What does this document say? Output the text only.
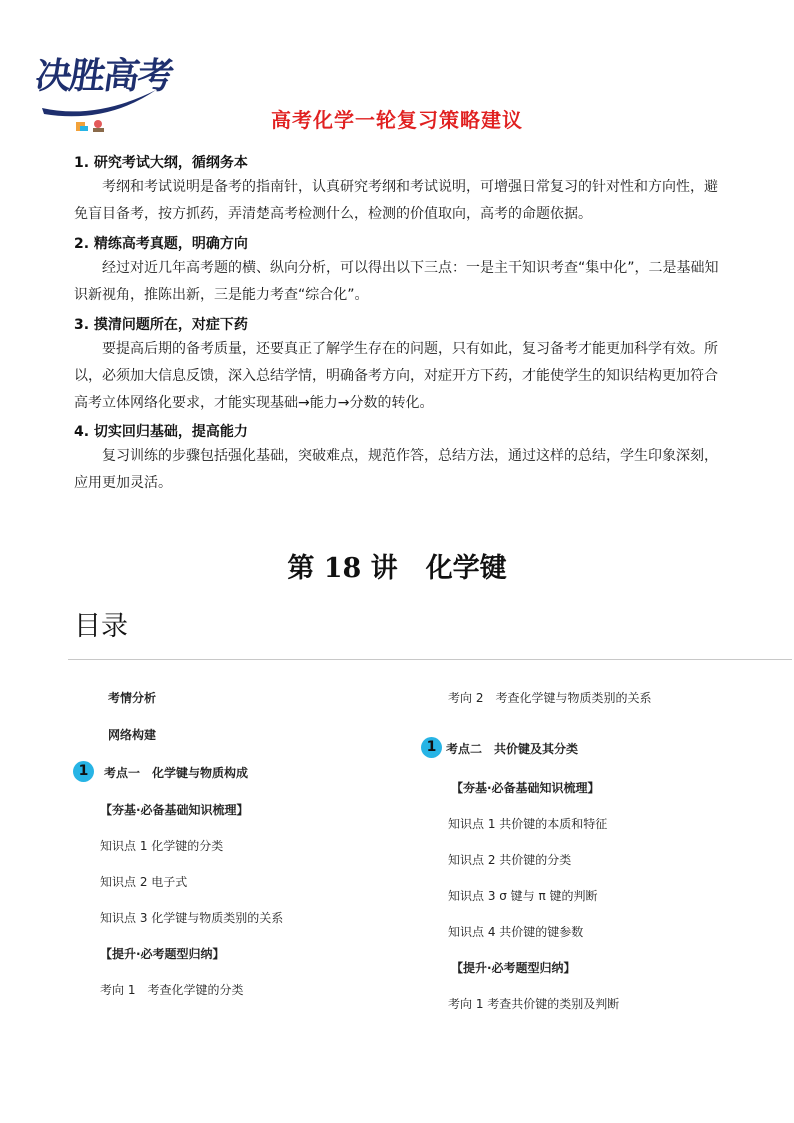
决胜高考
高考化学一轮复习策略建议
1. 研究考试大纲，循纲务本

考纲和考试说明是备考的指南针，认真研究考纲和考试说明，可增强日常复习的针对性和方向性，避免盲目备考，按方抓药，弄清楚高考检测什么，检测的价值取向，高考的命题依据。

2. 精练高考真题，明确方向

经过对近几年高考题的横、纵向分析，可以得出以下三点：一是主干知识考查“集中化”，二是基础知识新视角，推陈出新，三是能力考查“综合化”。

3. 摸清问题所在，对症下药

要提高后期的备考质量，还要真正了解学生存在的问题，只有如此，复习备考才能更加科学有效。所以，必须加大信息反馈，深入总结学情，明确备考方向，对症开方下药，才能使学生的知识结构更加符合高考立体网络化要求，才能实现基础→能力→分数的转化。

4. 切实回归基础，提高能力

复习训练的步骤包括强化基础，突破难点，规范作答，总结方法，通过这样的总结，学生印象深刻，应用更加灵活。

第 18 讲 化学键
目录
考情分析
网络构建
1	考点一　化学键与物质构成
【夯基·必备基础知识梳理】
知识点 1 化学键的分类
知识点 2 电子式
知识点 3 化学键与物质类别的关系
【提升·必考题型归纳】
考向 1　考查化学键的分类
考向 2　考查化学键与物质类别的关系
1 考点二　共价键及其分类
【夯基·必备基础知识梳理】
知识点 1 共价键的本质和特征
知识点 2 共价键的分类
知识点 3 σ 键与 π 键的判断
知识点 4 共价键的键参数
【提升·必考题型归纳】
考向 1 考查共价键的类别及判断
